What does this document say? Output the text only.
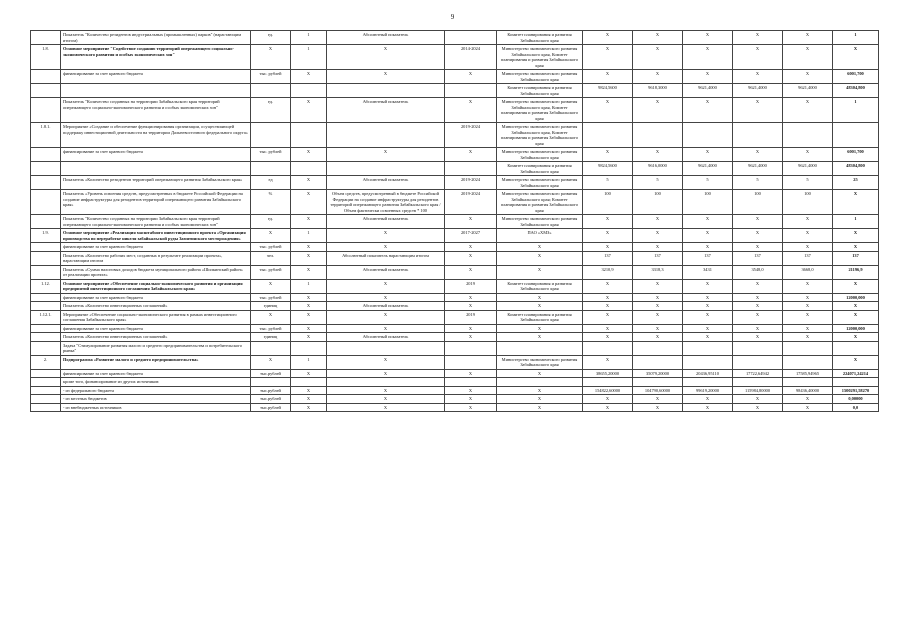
9
	Показатель "Количество резидентов индустриальных (промышленных) парков" (нарастающим итогом)	ед.	1	Абсолютный показатель		Комитет планирования и развития Забайкальского края	X	X	X	X	X	1
1.8.	Основное мероприятие "Содействие созданию территорий опережающего социально-экономического развития и особых экономических зон"	X	1	X	2014-2024	Министерство экономического развития Забайкальского края, Комитет планирования и развития Забайкальского края	X	X	X	X	X	X
	финансирование за счет краевого бюджета	тыс. рублей	X	X	X	Министерство экономического развития Забайкальского края	X	X	X	X	X	6001,700
						Комитет планирования и развития Забайкальского края	9824,5600	9618,3000	9621,4000	9621,4000	9621,4000	48304,800
	Показатель "Количество созданных на территории Забайкальского края территорий опережающего социально-экономического развития и особых экономических зон"	ед.	X	Абсолютный показатель	X	Министерство экономического развития Забайкальского края, Комитет планирования и развития Забайкальского края	X	X	X	X	X	1
1.8.1.	Мероприятие «Создание и обеспечение функционирования организации, осуществляющей поддержку инвестиционной деятельности на территории Дальневосточного федерального округа»				2019-2024	Министерство экономического развития Забайкальского края, Комитет планирования и развития Забайкальского края						
	финансирование за счет краевого бюджета	тыс. рублей	X	X	X	Министерство экономического развития Забайкальского края	X	X	X	X	X	6001,700
						Комитет планирования и развития Забайкальского края	9824,5600	9616,0000	9621,4000	9621,4000	9621,4000	48304,800
	Показатель «Количество резидентов территорий опережающего развития Забайкальского края»	ед	X	Абсолютный показатель	2019-2024	Министерство экономического развития Забайкальского края	5	5	5	5	5	25
	Показатель «Уровень освоения средств, предусмотренных в бюджете Российской Федерации на создание инфраструктуры для резидентов территорий опережающего развития Забайкальского края»	%	X	Объем средств, предусмотренный в бюджете Российской Федерации на создание инфраструктуры для резидентов территорий опережающего развития Забайкальского края / Объем фактически освоенных средств * 100	2019-2024	Министерство экономического развития Забайкальского края; Комитет планирования и развития Забайкальского края	100	100	100	100	100	X
	Показатель "Количество созданных на территории Забайкальского края территорий опережающего социально-экономического развития и особых экономических зон"	ед.	X	Абсолютный показатель	X	Министерство экономического развития Забайкальского края	X	X	X	X	X	1
1.9.	Основное мероприятие «Реализация масштабного инвестиционного проекта «Организация производства по переработке никеля забайкальской руды Замятинского месторождения»	X	1	X	2017-2027	ПАО «ХМЗ»	X	X	X	X	X	X
	финансирование за счет краевого бюджета	тыс. рублей	X	X	X	X	X	X	X	X	X	X
	Показатель «Количество рабочих мест, созданных в результате реализации проекта», нарастающим итогом	чел.	X	Абсолютный показатель нарастающим итогом	X	X	137	137	137	137	137	137
	Показатель «Сумма налоговых доходов бюджета муниципального района «Шилкинский район» от реализации проекта»	тыс. рублей	X	Абсолютный показатель	X	X	3210,9	3318,3	3431	3548,0	3668,0	21196,9
1.12.	Основное мероприятие «Обеспечение социально-экономического развития и организация предприятий инвестиционного соглашения Забайкальского края»	X	1	X	2019	Комитет планирования и развития Забайкальского края	X	X	X	X	X	X
	финансирование за счет краевого бюджета	тыс. рублей	X	X	X	X	X	X	X	X	X	12000,000
	Показатель «Количество инвестиционных соглашений»	единиц	X	Абсолютный показатель	X	X	X	X	X	X	X	X
1.12.1.	Мероприятие «Обеспечение социально-экономического развития в рамках инвестиционного соглашения Забайкальского края»	X	X	X	2019	Комитет планирования и развития Забайкальского края	X	X	X	X	X	X
	финансирование за счет краевого бюджета	тыс. рублей	X	X	X	X	X	X	X	X	X	12000,000
	Показатель «Количество инвестиционных соглашений»	единиц	X	Абсолютный показатель	X	X	X	X	X	X	X	X
	Задача "Стимулирование развития малого и среднего предпринимательства и потребительского рынка"											
2.	Подпрограмма «Развитие малого и среднего предпринимательства»	X	1	X		Министерство экономического развития Забайкальского края	X					X
	финансирование за счет краевого бюджета	тыс.рублей	X	X	X	X	38655,20000	35079,20000	20436,95110	17722,64942	17585,94965	224071,24214
	кроме того, финансирование из других источников:											
	- из федерального бюджета	тыс.рублей	X	X	X	X	154822,60000	104790,60000	99619,20000	115984,80000	98436,40000	1500291,58270
	- из местных бюджетов	тыс.рублей	X	X	X	X	X	X	X	X	X	0,00000
	- из внебюджетных источников	тыс.рублей	X	X	X	X	X	X	X	X	X	0,0
